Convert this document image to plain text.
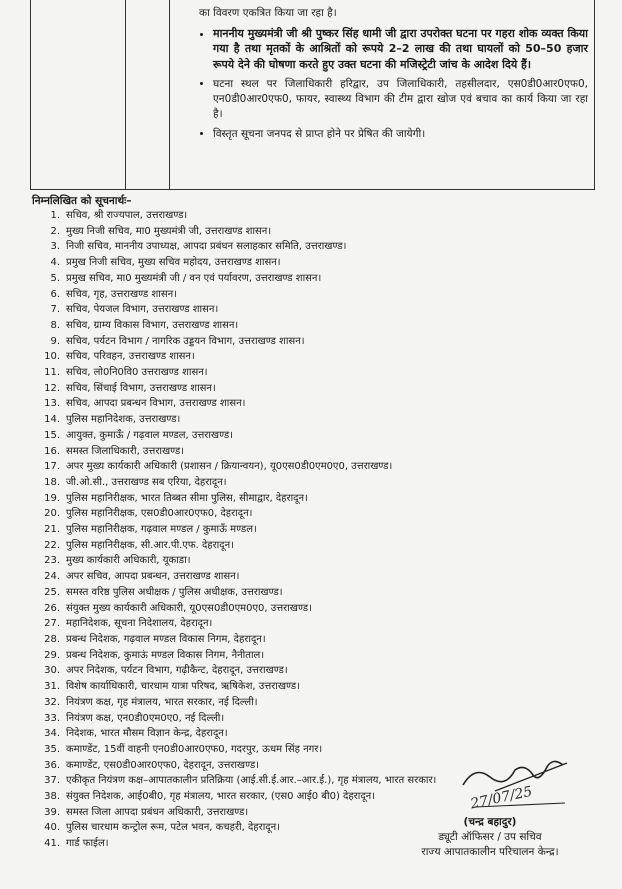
का विवरण एकत्रित किया जा रहा है।

• माननीय मुख्यमंत्री जी श्री पुष्कर सिंह धामी जी द्वारा उपरोक्त घटना पर गहरा शोक व्यक्त किया गया है तथा मृतकों के आश्रितों को रूपये 2–2 लाख की तथा घायलों को 50–50 हजार रूपये देने की घोषणा करते हुए उक्त घटना की मजिस्ट्रेटी जांच के आदेश दिये हैं।
• घटना स्थल पर जिलाधिकारी हरिद्वार, उप जिलाधिकारी, तहसीलदार, एस0डी0आर0एफ0, एन0डी0आर0एफ0, फायर, स्वास्थ्य विभाग की टीम द्वारा खोज एवं बचाव का कार्य किया जा रहा है।
• विस्तृत सूचना जनपद से प्राप्त होने पर प्रेषित की जायेगी।
निम्नलिखित को सूचनार्थः–
1. सचिव, श्री राज्यपाल, उत्तराखण्ड।
2. मुख्य निजी सचिव, मा0 मुख्यमंत्री जी, उत्तराखण्ड शासन।
3. निजी सचिव, माननीय उपाध्यक्ष, आपदा प्रबंधन सलाहकार समिति, उत्तराखण्ड।
4. प्रमुख निजी सचिव, मुख्य सचिव महोदय, उत्तराखण्ड शासन।
5. प्रमुख सचिव, मा0 मुख्यमंत्री जी / वन एवं पर्यावरण, उत्तराखण्ड शासन।
6. सचिव, गृह, उत्तराखण्ड शासन।
7. सचिव, पेयजल विभाग, उत्तराखण्ड शासन।
8. सचिव, ग्राम्य विकास विभाग, उत्तराखण्ड शासन।
9. सचिव, पर्यटन विभाग / नागरिक उड्डयन विभाग, उत्तराखण्ड शासन।
10. सचिव, परिवहन, उत्तराखण्ड शासन।
11. सचिव, लो0नि0वि0 उत्तराखण्ड शासन।
12. सचिव, सिंचाई विभाग, उत्तराखण्ड शासन।
13. सचिव, आपदा प्रबन्धन विभाग, उत्तराखण्ड शासन।
14. पुलिस महानिदेशक, उत्तराखण्ड।
15. आयुक्त, कुमाऊँ / गढ़वाल मण्डल, उत्तराखण्ड।
16. समस्त जिलाधिकारी, उत्तराखण्ड।
17. अपर मुख्य कार्यकारी अधिकारी (प्रशासन / क्रियान्वयन), यू0एस0डी0एम0ए0, उत्तराखण्ड।
18. जी.ओ.सी., उत्तराखण्ड सब एरिया, देहरादून।
19. पुलिस महानिरीक्षक, भारत तिब्बत सीमा पुलिस, सीमाद्वार, देहरादून।
20. पुलिस महानिरीक्षक, एस0डी0आर0एफ0, देहरादून।
21. पुलिस महानिरीक्षक, गढ़वाल मण्डल / कुमाऊँ मण्डल।
22. पुलिस महानिरीक्षक, सी.आर.पी.एफ. देहरादून।
23. मुख्य कार्यकारी अधिकारी, यूकाडा।
24. अपर सचिव, आपदा प्रबन्धन, उत्तराखण्ड शासन।
25. समस्त वरिष्ठ पुलिस अधीक्षक / पुलिस अधीक्षक, उत्तराखण्ड।
26. संयुक्त मुख्य कार्यकारी अधिकारी, यू0एस0डी0एम0ए0, उत्तराखण्ड।
27. महानिदेशक, सूचना निदेशालय, देहरादून।
28. प्रबन्ध निदेशक, गढ़वाल मण्डल विकास निगम, देहरादून।
29. प्रबन्ध निदेशक, कुमाऊं मण्डल विकास निगम, नैनीताल।
30. अपर निदेशक, पर्यटन विभाग, गढ़ीकैन्ट, देहरादून, उत्तराखण्ड।
31. विशेष कार्याधिकारी, चारधाम यात्रा परिषद, ऋषिकेश, उत्तराखण्ड।
32. नियंत्रण कक्ष, गृह मंत्रालय, भारत सरकार, नई दिल्ली।
33. नियंत्रण कक्ष, एन0डी0एम0ए0, नई दिल्ली।
34. निदेशक, भारत मौसम विज्ञान केन्द्र, देहरादून।
35. कमाण्डेंट, 15वीं वाहनी एन0डी0आर0एफ0, गदरपुर, ऊधम सिंह नगर।
36. कमाण्डेंट, एस0डी0आर0एफ0, देहरादून, उत्तराखण्ड।
37. एकीकृत नियंत्रण कक्ष–आपातकालीन प्रतिक्रिया (आई.सी.ई.आर.–आर.ई.), गृह मंत्रालय, भारत सरकार।
38. संयुक्त निदेशक, आई0बी0, गृह मंत्रालय, भारत सरकार, (एस0 आई0 बी0) देहरादून।
39. समस्त जिला आपदा प्रबंधन अधिकारी, उत्तराखण्ड।
40. पुलिस चारधाम कन्ट्रोल रूम, पटेल भवन, कचहरी, देहरादून।
41. गार्ड फाईल।
27/07/25
(चन्द्र बहादुर)
ड्यूटी ऑफिसर / उप सचिव
राज्य आपातकालीन परिचालन केन्द्र।
